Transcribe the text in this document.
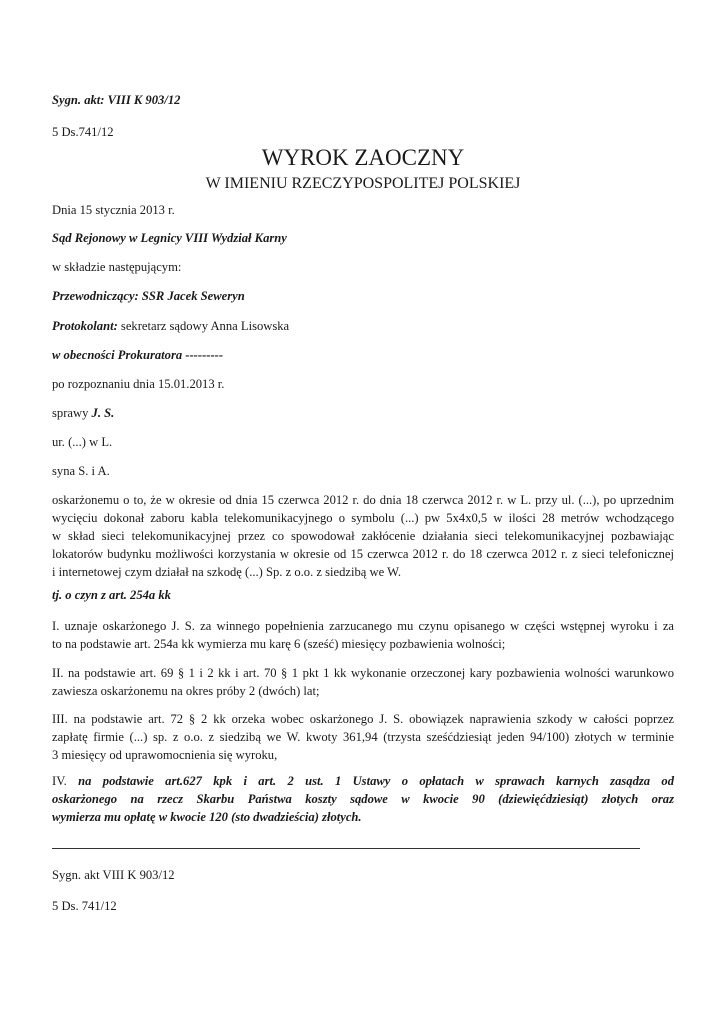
Sygn. akt: VIII K 903/12
5 Ds.741/12
WYROK ZAOCZNY
W IMIENIU RZECZYPOSPOLITEJ POLSKIEJ
Dnia 15 stycznia 2013 r.
Sąd Rejonowy w Legnicy VIII Wydział Karny
w składzie następującym:
Przewodniczący: SSR Jacek Seweryn
Protokolant: sekretarz sądowy Anna Lisowska
w obecności Prokuratora ---------
po rozpoznaniu dnia 15.01.2013 r.
sprawy J. S.
ur. (...) w L.
syna S. i A.
oskarżonemu o to, że w okresie od dnia 15 czerwca 2012 r. do dnia 18 czerwca 2012 r. w L. przy ul. (...), po uprzednim
wycięciu dokonał zaboru kabla telekomunikacyjnego o symbolu (...) pw 5x4x0,5 w ilości 28 metrów wchodzącego
w skład sieci telekomunikacyjnej przez co spowodował zakłócenie działania sieci telekomunikacyjnej pozbawiając
lokatorów budynku możliwości korzystania w okresie od 15 czerwca 2012 r. do 18 czerwca 2012 r. z sieci telefonicznej
i internetowej czym działał na szkodę (...) Sp. z o.o. z siedzibą we W.
tj. o czyn z art. 254a kk
I. uznaje oskarżonego J. S. za winnego popełnienia zarzucanego mu czynu opisanego w części wstępnej wyroku i za
to na podstawie art. 254a kk wymierza mu karę 6 (sześć) miesięcy pozbawienia wolności;
II. na podstawie art. 69 § 1 i 2 kk i art. 70 § 1 pkt 1 kk wykonanie orzeczonej kary pozbawienia wolności warunkowo
zawiesza oskarżonemu na okres próby 2 (dwóch) lat;
III. na podstawie art. 72 § 2 kk orzeka wobec oskarżonego J. S. obowiązek naprawienia szkody w całości poprzez
zapłatę firmie (...) sp. z o.o. z siedzibą we W. kwoty 361,94 (trzysta sześćdziesiąt jeden 94/100) złotych w terminie
3 miesięcy od uprawomocnienia się wyroku,
IV. na podstawie art.627 kpk i art. 2 ust. 1 Ustawy o opłatach w sprawach karnych zasądza od
oskarżonego na rzecz Skarbu Państwa koszty sądowe w kwocie 90 (dziewięćdziesiąt) złotych oraz
wymierza mu opłatę w kwocie 120 (sto dwadzieścia) złotych.
Sygn. akt VIII K 903/12
5 Ds. 741/12
